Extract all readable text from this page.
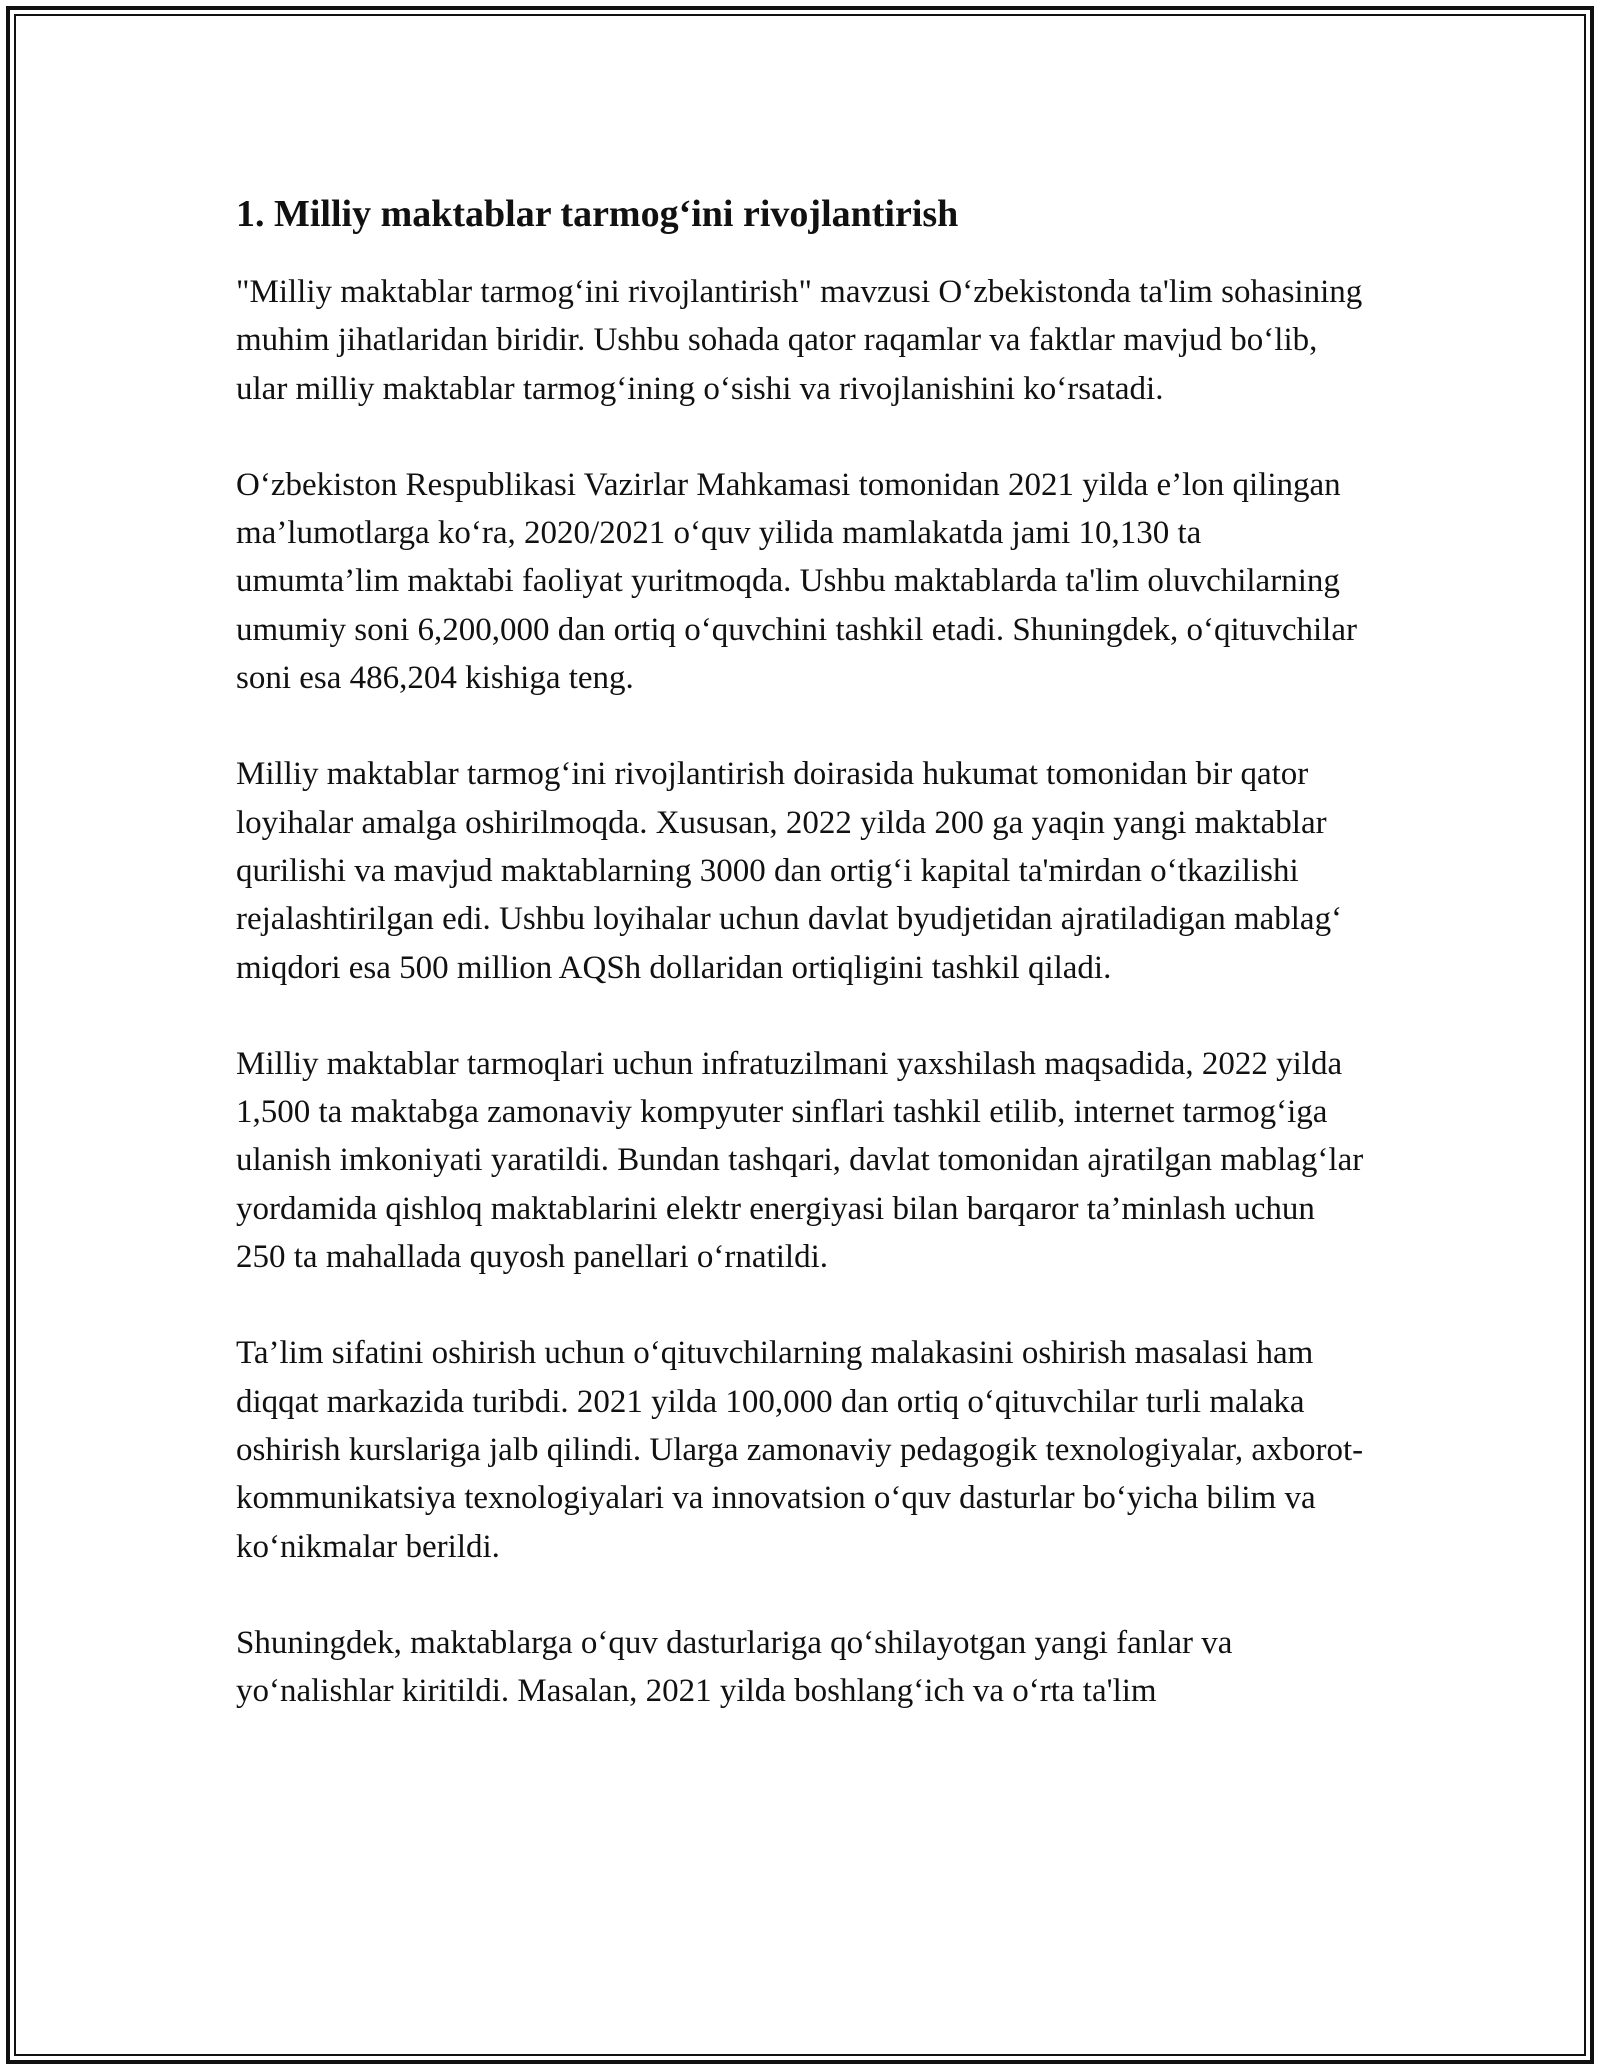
1. Milliy maktablar tarmog‘ini rivojlantirish

"Milliy maktablar tarmog‘ini rivojlantirish" mavzusi O‘zbekistonda ta'lim sohasining muhim jihatlaridan biridir. Ushbu sohada qator raqamlar va faktlar mavjud bo‘lib, ular milliy maktablar tarmog‘ining o‘sishi va rivojlanishini ko‘rsatadi.

O‘zbekiston Respublikasi Vazirlar Mahkamasi tomonidan 2021 yilda e’lon qilingan ma’lumotlarga ko‘ra, 2020/2021 o‘quv yilida mamlakatda jami 10,130 ta umumta’lim maktabi faoliyat yuritmoqda. Ushbu maktablarda ta'lim oluvchilarning umumiy soni 6,200,000 dan ortiq o‘quvchini tashkil etadi. Shuningdek, o‘qituvchilar soni esa 486,204 kishiga teng.

Milliy maktablar tarmog‘ini rivojlantirish doirasida hukumat tomonidan bir qator loyihalar amalga oshirilmoqda. Xususan, 2022 yilda 200 ga yaqin yangi maktablar qurilishi va mavjud maktablarning 3000 dan ortig‘i kapital ta'mirdan o‘tkazilishi rejalashtirilgan edi. Ushbu loyihalar uchun davlat byudjetidan ajratiladigan mablag‘ miqdori esa 500 million AQSh dollaridan ortiqligini tashkil qiladi.

Milliy maktablar tarmoqlari uchun infratuzilmani yaxshilash maqsadida, 2022 yilda 1,500 ta maktabga zamonaviy kompyuter sinflari tashkil etilib, internet tarmog‘iga ulanish imkoniyati yaratildi. Bundan tashqari, davlat tomonidan ajratilgan mablag‘lar yordamida qishloq maktablarini elektr energiyasi bilan barqaror ta’minlash uchun 250 ta mahallada quyosh panellari o‘rnatildi.

Ta’lim sifatini oshirish uchun o‘qituvchilarning malakasini oshirish masalasi ham diqqat markazida turibdi. 2021 yilda 100,000 dan ortiq o‘qituvchilar turli malaka oshirish kurslariga jalb qilindi. Ularga zamonaviy pedagogik texnologiyalar, axborot-kommunikatsiya texnologiyalari va innovatsion o‘quv dasturlar bo‘yicha bilim va ko‘nikmalar berildi.

Shuningdek, maktablarga o‘quv dasturlariga qo‘shilayotgan yangi fanlar va yo‘nalishlar kiritildi. Masalan, 2021 yilda boshlang‘ich va o‘rta ta'lim
